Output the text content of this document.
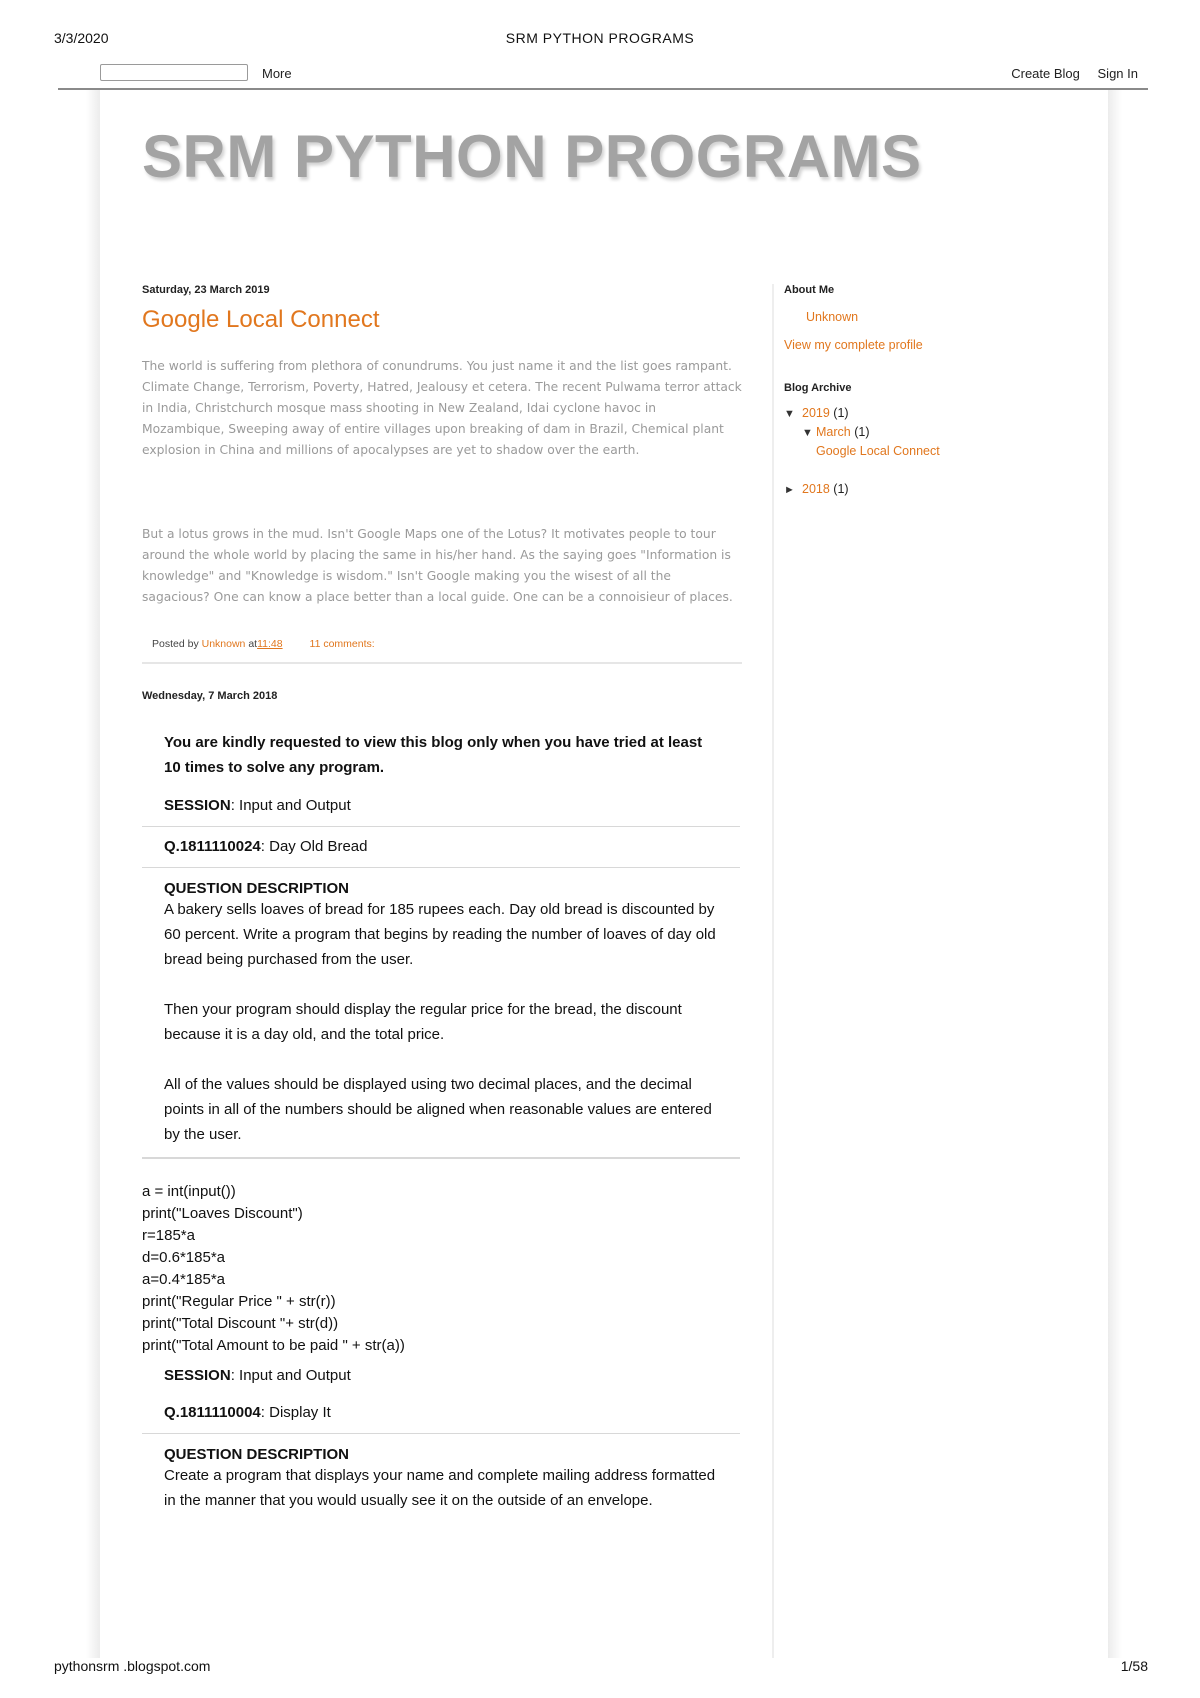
3/3/2020	SRM PYTHON PROGRAMS
More	Create Blog Sign In
SRM PYTHON PROGRAMS
Saturday, 23 March 2019
Google Local Connect

The world is suffering from plethora of conundrums. You just name it and the list goes rampant. Climate Change, Terrorism, Poverty, Hatred, Jealousy et cetera. The recent Pulwama terror attack in India, Christchurch mosque mass shooting in New Zealand, Idai cyclone havoc in Mozambique, Sweeping away of entire villages upon breaking of dam in Brazil, Chemical plant explosion in China and millions of apocalypses are yet to shadow over the earth.

But a lotus grows in the mud. Isn't Google Maps one of the Lotus? It motivates people to tour around the whole world by placing the same in his/her hand. As the saying goes "Information is knowledge" and "Knowledge is wisdom." Isn't Google making you the wisest of all the sagacious? One can know a place better than a local guide. One can be a connoisieur of places.

Posted by Unknown at11:48	11 comments:
Wednesday, 7 March 2018

You are kindly requested to view this blog only when you have tried at least 10 times to solve any program.

SESSION: Input and Output
Q.1811110024: Day Old Bread
QUESTION DESCRIPTION

A bakery sells loaves of bread for 185 rupees each. Day old bread is discounted by 60 percent. Write a program that begins by reading the number of loaves of day old bread being purchased from the user.

Then your program should display the regular price for the bread, the discount because it is a day old, and the total price.

All of the values should be displayed using two decimal places, and the decimal points in all of the numbers should be aligned when reasonable values are entered by the user.

a = int(input())
print("Loaves Discount")
r=185*a
d=0.6*185*a
a=0.4*185*a
print("Regular Price " + str(r))
print("Total Discount "+ str(d))
print("Total Amount to be paid " + str(a))
SESSION: Input and Output
Q.1811110004: Display It
QUESTION DESCRIPTION

Create a program that displays your name and complete mailing address formatted in the manner that you would usually see it on the outside of an envelope.

About Me
Unknown
View my complete profile
Blog Archive
▼ 2019 (1)
▼ March (1)
Google Local Connect
► 2018 (1)
pythonsrm .blogspot.com	1/58
